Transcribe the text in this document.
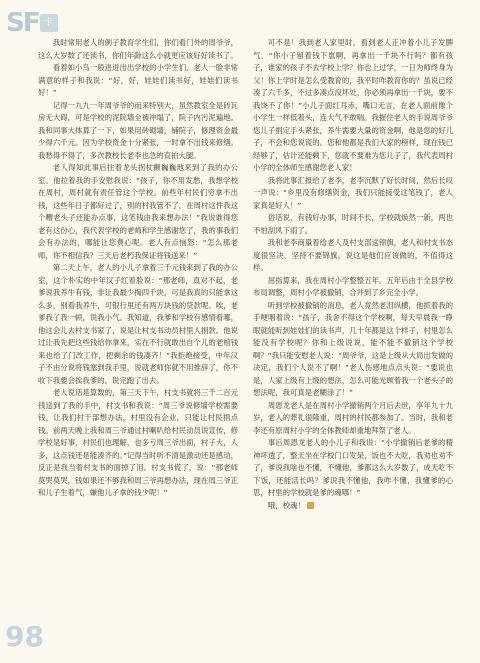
SF 卡

我时常用老人的例子教育学生们，你们看门外的周爷爷，这么大岁数了还读书，你们年龄这么小就更应该好好读书了。

看着如小鸟一般进进出出学校的小学生们，老人一脸非常满意的样子和我说：“好，好，娃娃们读书好，娃娃们读书好！”

记得一九九一年周爷爷的而来特别大，虽然教室全是砖瓦房无大碍，可是学校的泥院墙全被冲塌了，院子内污泥遍地。我和同事大体算了一下，如果用砖砌墙，铺院子，修理资金最少得六千元。因为学校资金十分紧张，一时拿不出钱来修缮。我愁得不得了，多次教校长老李也急的直拍大腿。

老人得知此事后拄着龙头拐杖颤巍巍地来到了我的办公室。他拉着我的手安慰我说：“孩子，你不用发愁，我想学校在周村，周村就有责任管这个学校。前些年村民们穷拿不出钱，这些年日子都好过了，别的村我管不了，在周村这件我这个糟老头子还能办点事，这笔钱由我来想办法！”我说谁得您老有这份心，我代表学校的老师和学生感谢您了，我的事我们会有办法的，哪能让您费心呢。老人有点恼怒：“怎么那老师，你不相信我？三天后老朽我保证将钱送来！”

第二天上午，老人的小儿子拿着三千元钱来到了我的办公室，这个朴实的中年汉子红着脸说：“那老师，真对不起，老爹说我养牛有钱，非让我最少掏四千块，可是我真的只能拿这么多，别看我养牛，可银行里还有两万块钱的贷款呢。唉，老爹我了我一顿，说我小气。我知道，我爹和学校有感情看哪，他这会儿去村支书家了，说是让村支书动员村里人捐款。他说过让我先把这些钱给你拿来，实在不行就敢出自个儿的老棺钱来也给了门改工作，把剩余的钱凑齐！”我拒绝接受，中年汉子不由分说将钱塞到我手里，说就老师你就不用推辞了，你不收下我要会挨我爹的。说完跑了出去。

老人说话是算数的，第三天下午，村支书就将三千二百元钱送到了我的手中，村支书和我说：“周三爷说修墙学校需要钱，让我们村干部想办法，村里没有企业，只能让村民捐点钱。前两天晚上我和周三爷通过村喇叭给村民动员说宣传，修学校是好事，村民们也理解，也多亏周三爷出面，村子大，人多，这点钱还是能凑齐的。”记得当时听不清是激动还是感动，反正是我当着村支书的面掉了泪。村支书慌了，说：“那老师莫哭莫哭，钱如果还不够我和周三爷再想办法，现在周三爷正和儿子生着气，嫌他儿子拿的钱少呢！”

可不是！我到老人家里时，看到老人正冲着小儿子发脾气，“你小子留着钱下崽啊，再拿出一千块不行吗？都有孩子，谁家的孩子不去学校上学？你也上过学，一日为师终身为父！你上学时是怎么受教育的，我平时咋教育你的？虽说已经凑了六千多，不过多凑点没坏处，你必须再拿出一千块，要不我饶不了你！”小儿子面红耳赤，嘴口无言，在老人面前像个小学生一样低着头，连大气不敢喘。我握住老人的手说周爷爷您儿子捐定手头紧张，养牛需要大量的资金啊，他是您的好儿子，不会和您说谎的。您和他都是我们大家的榜样，现在钱已经够了，估计还能剩下，您就不要难为您儿子了，我代表周村小学的全体师生感谢您老人家！

我将此事汇报给了老李，老李沉默了好长时间，然后长叹一声说：“乡里没有修缮资金，我们只能接受这笔钱了，老人家真是好人！”

俗话说，有钱好办事，时间不长，学校就焕然一新，两也不怕刮风下雨了。

我和老李商量着给老人及村支部送锦旗，老人和村支书态度很坚决，坚持不要锦旗，说这是他们应该做的，不值得这样。

屈指算来，我在周村小学整整五年。五年后由于全县学校布局调整，周村小学被撤销，合并到了乡完全小学。

听到学校被撤销的消息，老人竟然老泪纵横，他抓着我的手哽咽着说：“孩子，我舍不得这个学校啊，每天早晨我一睁眼就能听到娃娃们的读书声，几十年都是这个样子，村里怎么能没有学校呢？你和上级说说，能不能不撤销这个学校啊？”我只能安慰老人说：“周爷爷，这是上级从大局出发做的决定，我们个人说不了啊！”老人伤感地点点头说：“要说也是，人家上级有上级的想法，怎么可能光顾着我一个老头子的想法呢，我可真是老糊涂了！”

周恩龙老人是在周村小学撤销两个月后去世，享年九十九岁，老人的葬礼很隆重，周村的村民都参加了。当时，我和老李还有原周村小学的全体教师却重地拜祭了老人。

事后周恩龙老人的小儿子和我说：“小学撤销后老爹的精神坏透了，整天坐在学校门口发呆，饭也不大吃，我劝也劝不了，爹说我啥也不懂，不懂他，爹都这么大岁数了，成天吃不下饭，还能活长吗？爹说我不懂他，我咋不懂，我懂爹的心思，村里的学校就是爹的魂哪！”

哦，校魂！

98
